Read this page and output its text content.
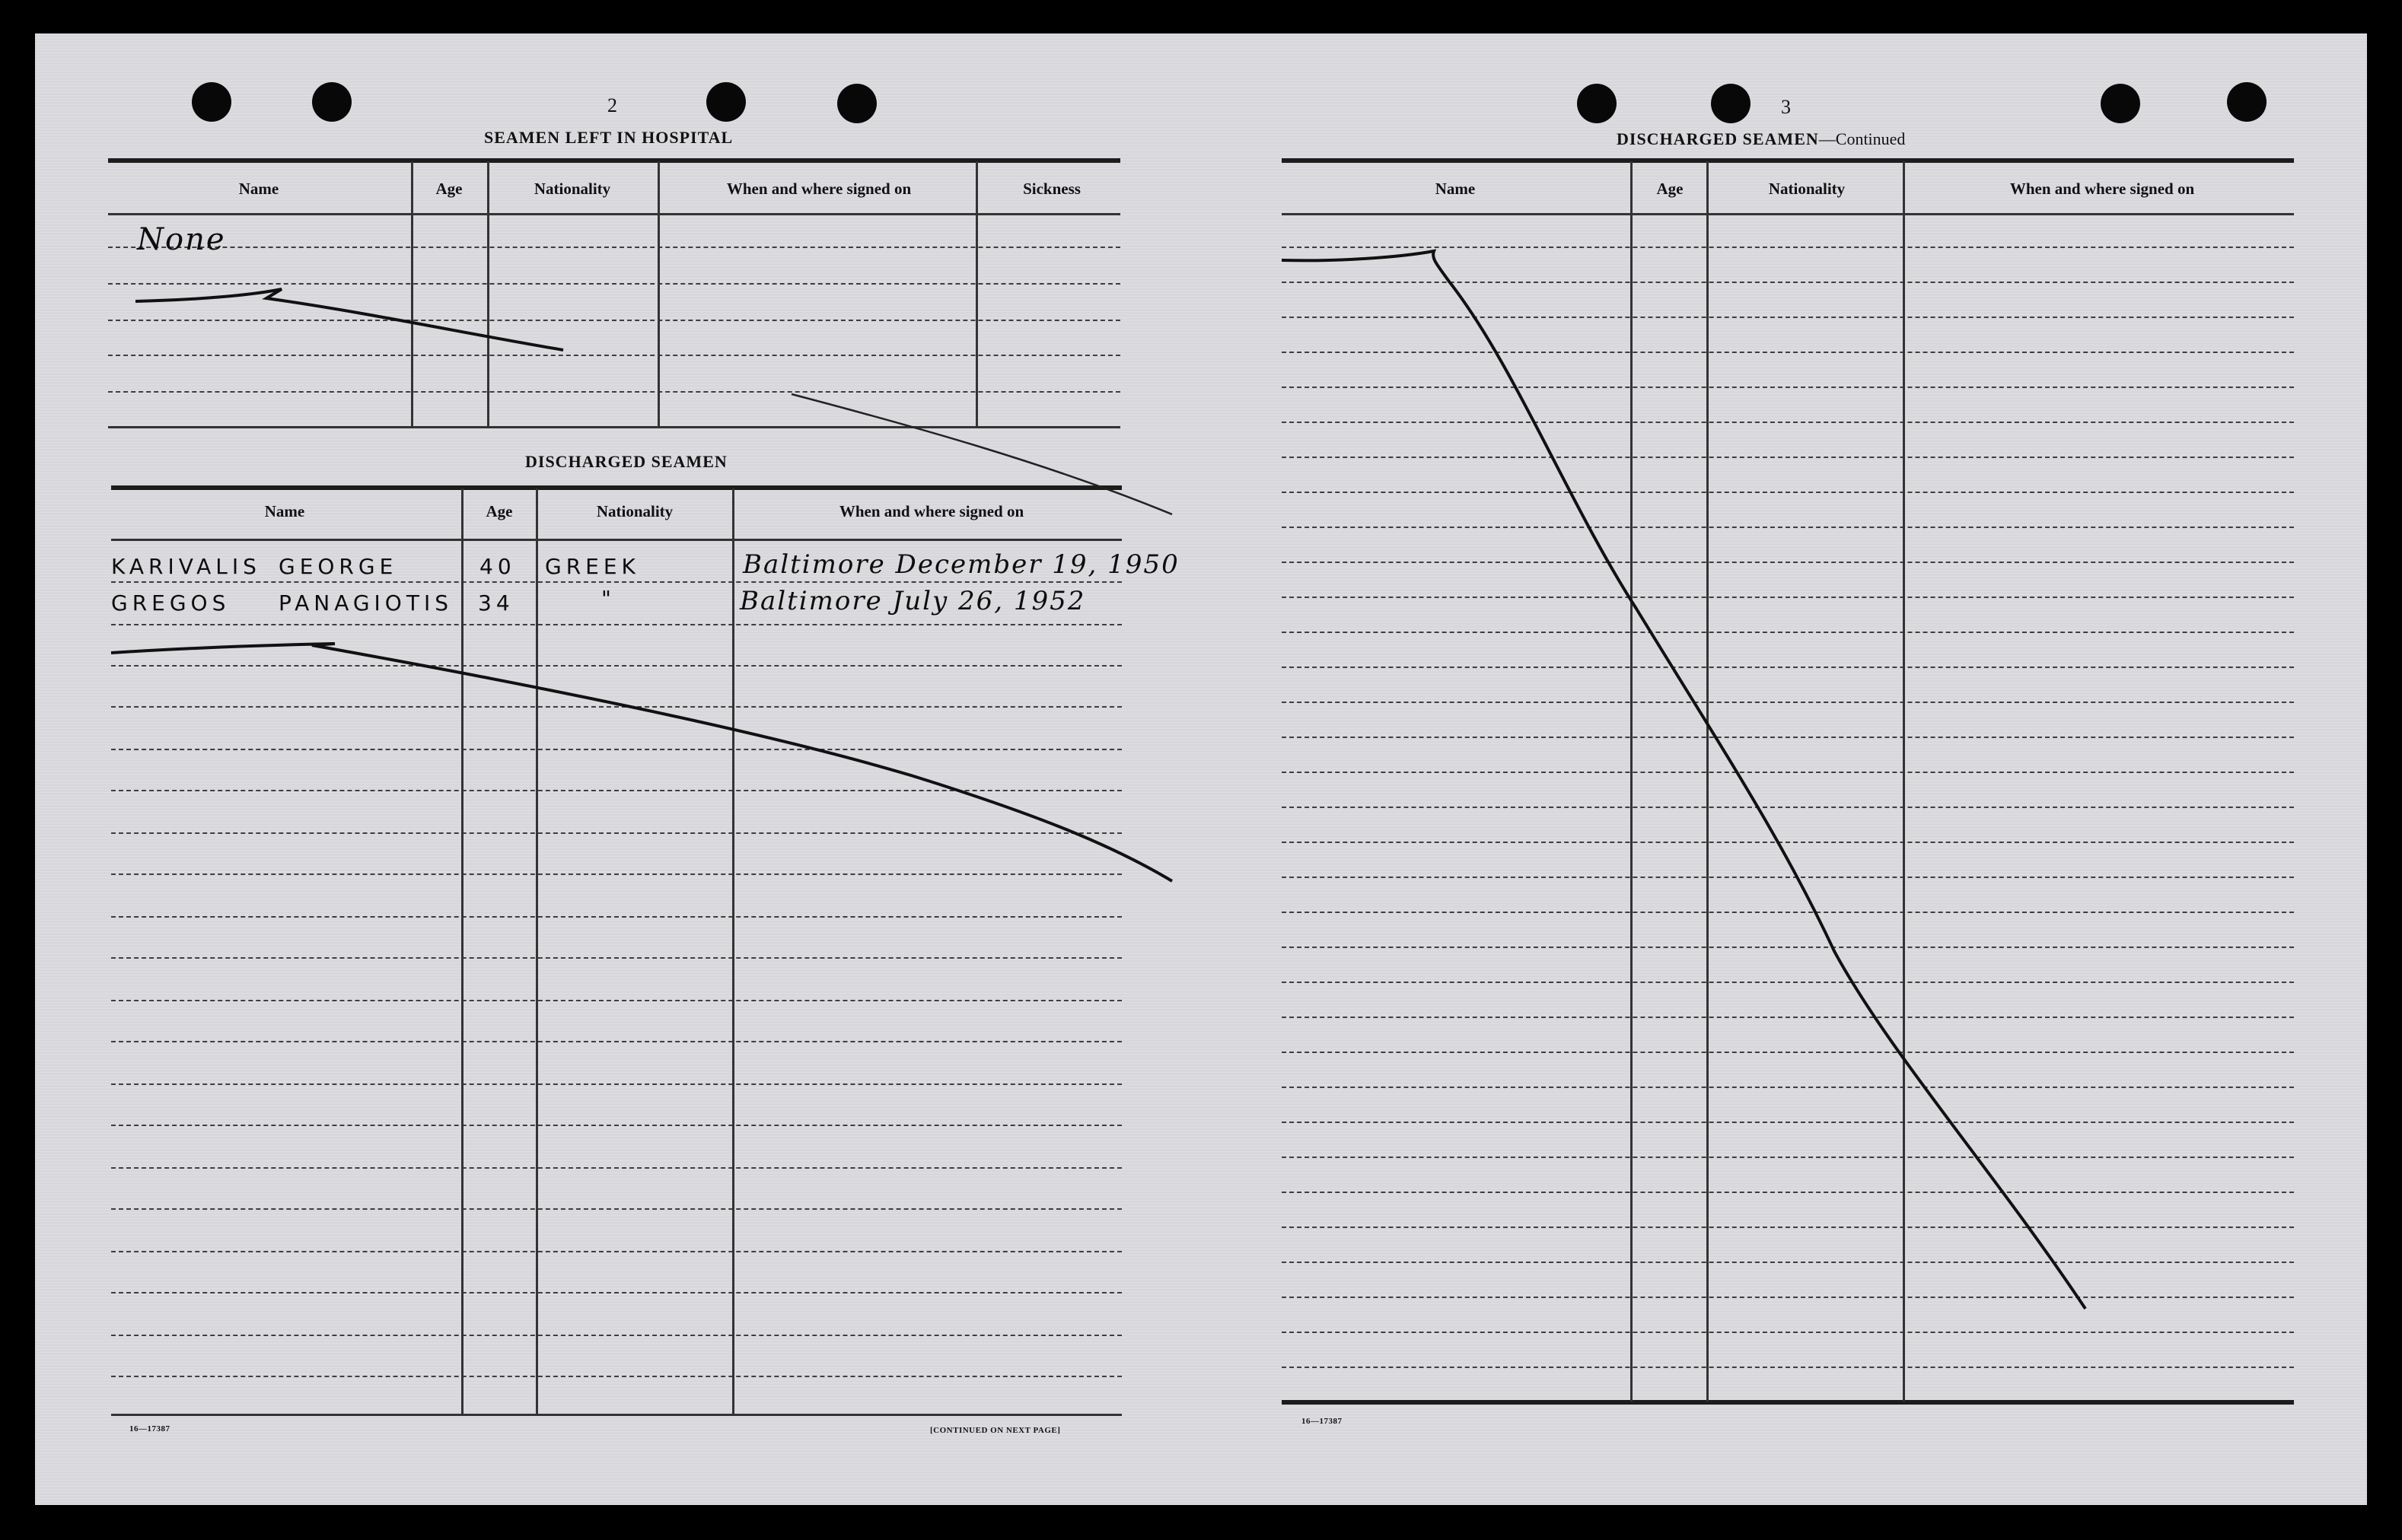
2
SEAMEN LEFT IN HOSPITAL
Name	Age	Nationality	When and where signed on	Sickness
None
DISCHARGED SEAMEN
Name	Age	Nationality	When and where signed on
KARIVALIS GEORGE	40 GREEK	Baltimore December 19, 1950
GREGOS PANAGIOTIS 34	"	Baltimore July 26, 1952
16—17387	[CONTINUED ON NEXT PAGE]
3
DISCHARGED SEAMEN—Continued
Name	Age	Nationality	When and where signed on
16—17387
